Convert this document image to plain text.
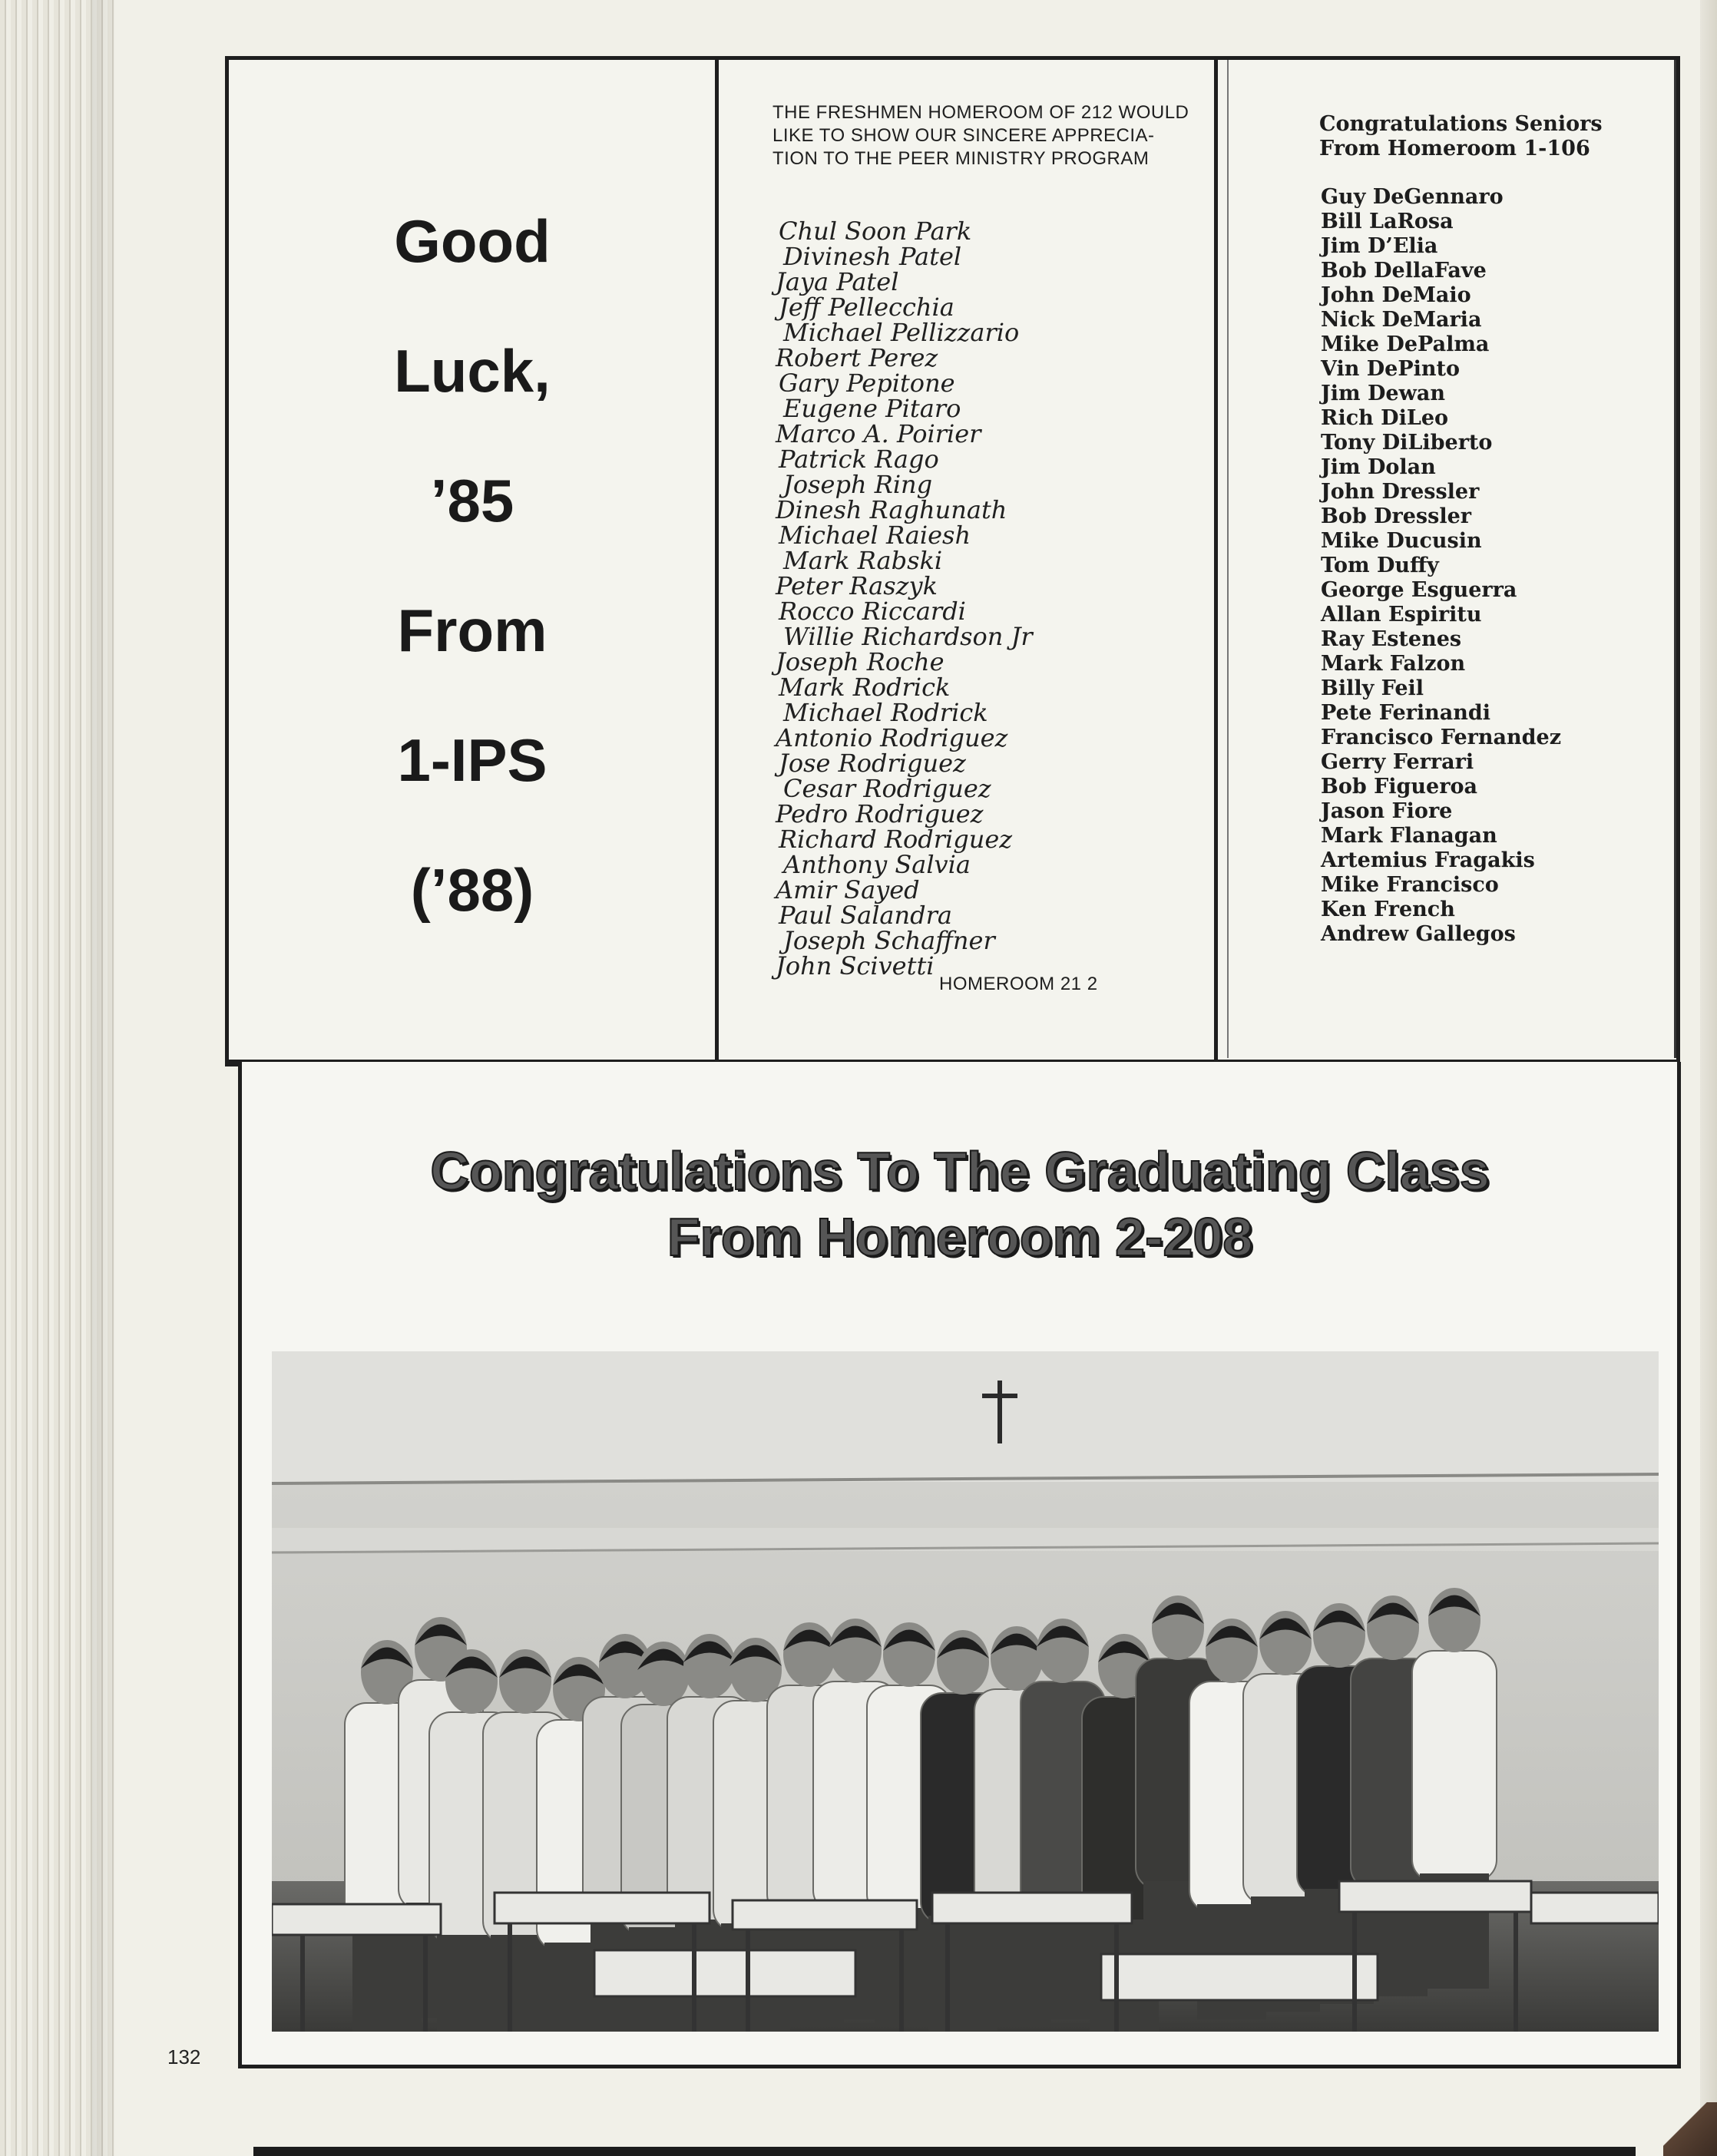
Good
Luck,
’85
From
1-IPS
(’88)
THE FRESHMEN HOMEROOM OF 212 WOULD LIKE TO SHOW OUR SINCERE APPRECIA- TION TO THE PEER MINISTRY PROGRAM
Chul Soon Park
Divinesh Patel
Jaya Patel
Jeff Pellecchia
Michael Pellizzario
Robert Perez
Gary Pepitone
Eugene Pitaro
Marco A. Poirier
Patrick Rago
Joseph Ring
Dinesh Raghunath
Michael Raiesh
Mark Rabski
Peter Raszyk
Rocco Riccardi
Willie Richardson Jr
Joseph Roche
Mark Rodrick
Michael Rodrick
Antonio Rodriguez
Jose Rodriguez
Cesar Rodriguez
Pedro Rodriguez
Richard Rodriguez
Anthony Salvia
Amir Sayed
Paul Salandra
Joseph Schaffner
John Scivetti
HOMEROOM 21 2
Congratulations Seniors
From Homeroom 1-106
Guy DeGennaro
Bill LaRosa
Jim D’Elia
Bob DellaFave
John DeMaio
Nick DeMaria
Mike DePalma
Vin DePinto
Jim Dewan
Rich DiLeo
Tony DiLiberto
Jim Dolan
John Dressler
Bob Dressler
Mike Ducusin
Tom Duffy
George Esguerra
Allan Espiritu
Ray Estenes
Mark Falzon
Billy Feil
Pete Ferinandi
Francisco Fernandez
Gerry Ferrari
Bob Figueroa
Jason Fiore
Mark Flanagan
Artemius Fragakis
Mike Francisco
Ken French
Andrew Gallegos
Congratulations To The Graduating Class
From Homeroom 2-208
132
